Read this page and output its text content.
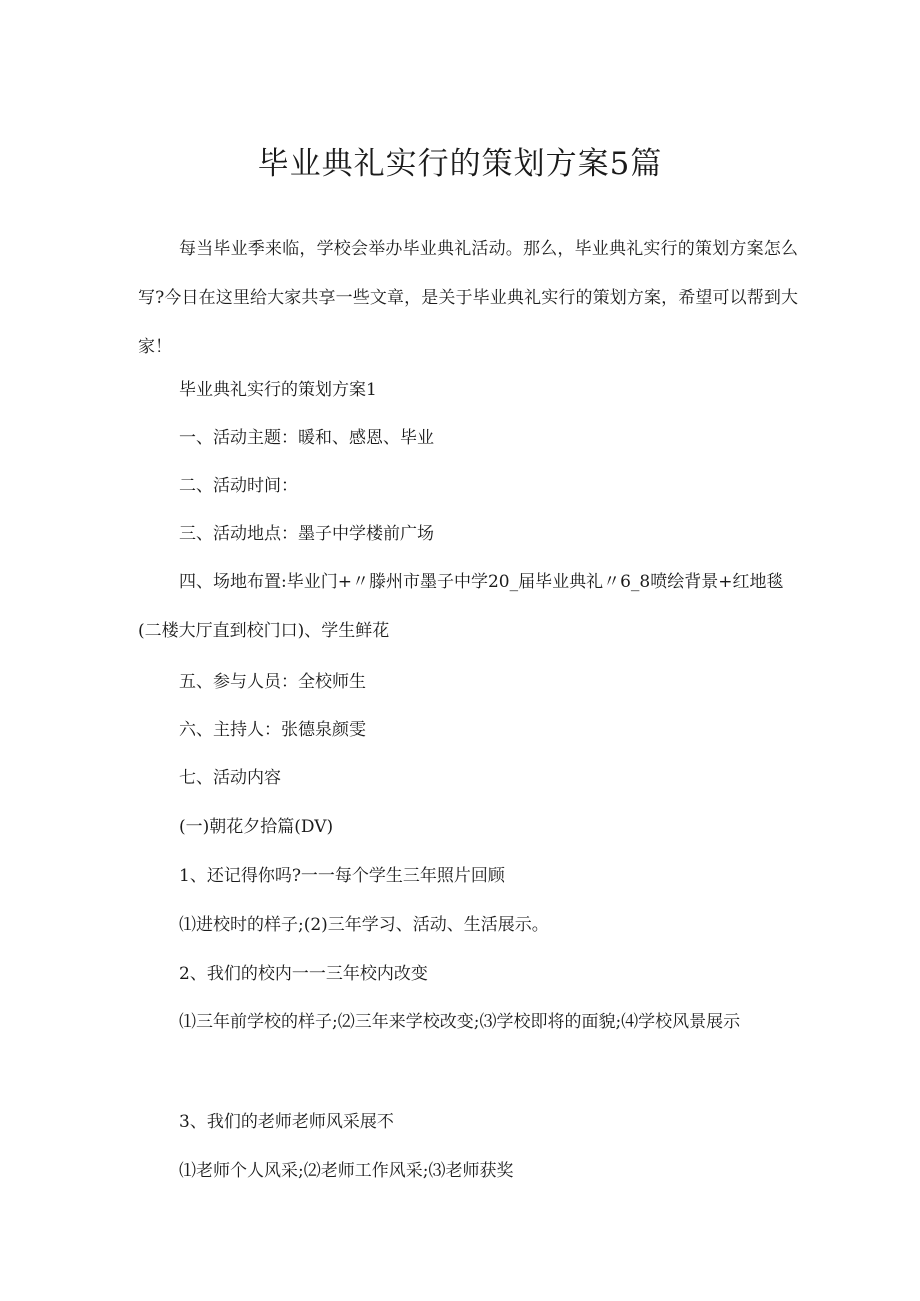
毕业典礼实行的策划方案5篇

每当毕业季来临，学校会举办毕业典礼活动。那么，毕业典礼实行的策划方案怎么写?今日在这里给大家共享一些文章，是关于毕业典礼实行的策划方案，希望可以帮到大家！

毕业典礼实行的策划方案1
一、活动主题：暖和、感恩、毕业
二、活动时间：
三、活动地点：墨子中学楼前广场

四、场地布置:毕业门+〃滕州市墨子中学20_届毕业典礼〃6_8喷绘背景+红地毯(二楼大厅直到校门口)、学生鲜花

五、参与人员：全校师生
六、主持人：张德泉颜雯
七、活动内容
(一)朝花夕拾篇(DV)
1、还记得你吗?一一每个学生三年照片回顾
⑴进校时的样子;(2)三年学习、活动、生活展示。
2、我们的校内一一三年校内改变

⑴三年前学校的样子;⑵三年来学校改变;⑶学校即将的面貌;⑷学校风景展示

3、我们的老师老师风采展不
⑴老师个人风采;⑵老师工作风采;⑶老师获奖
